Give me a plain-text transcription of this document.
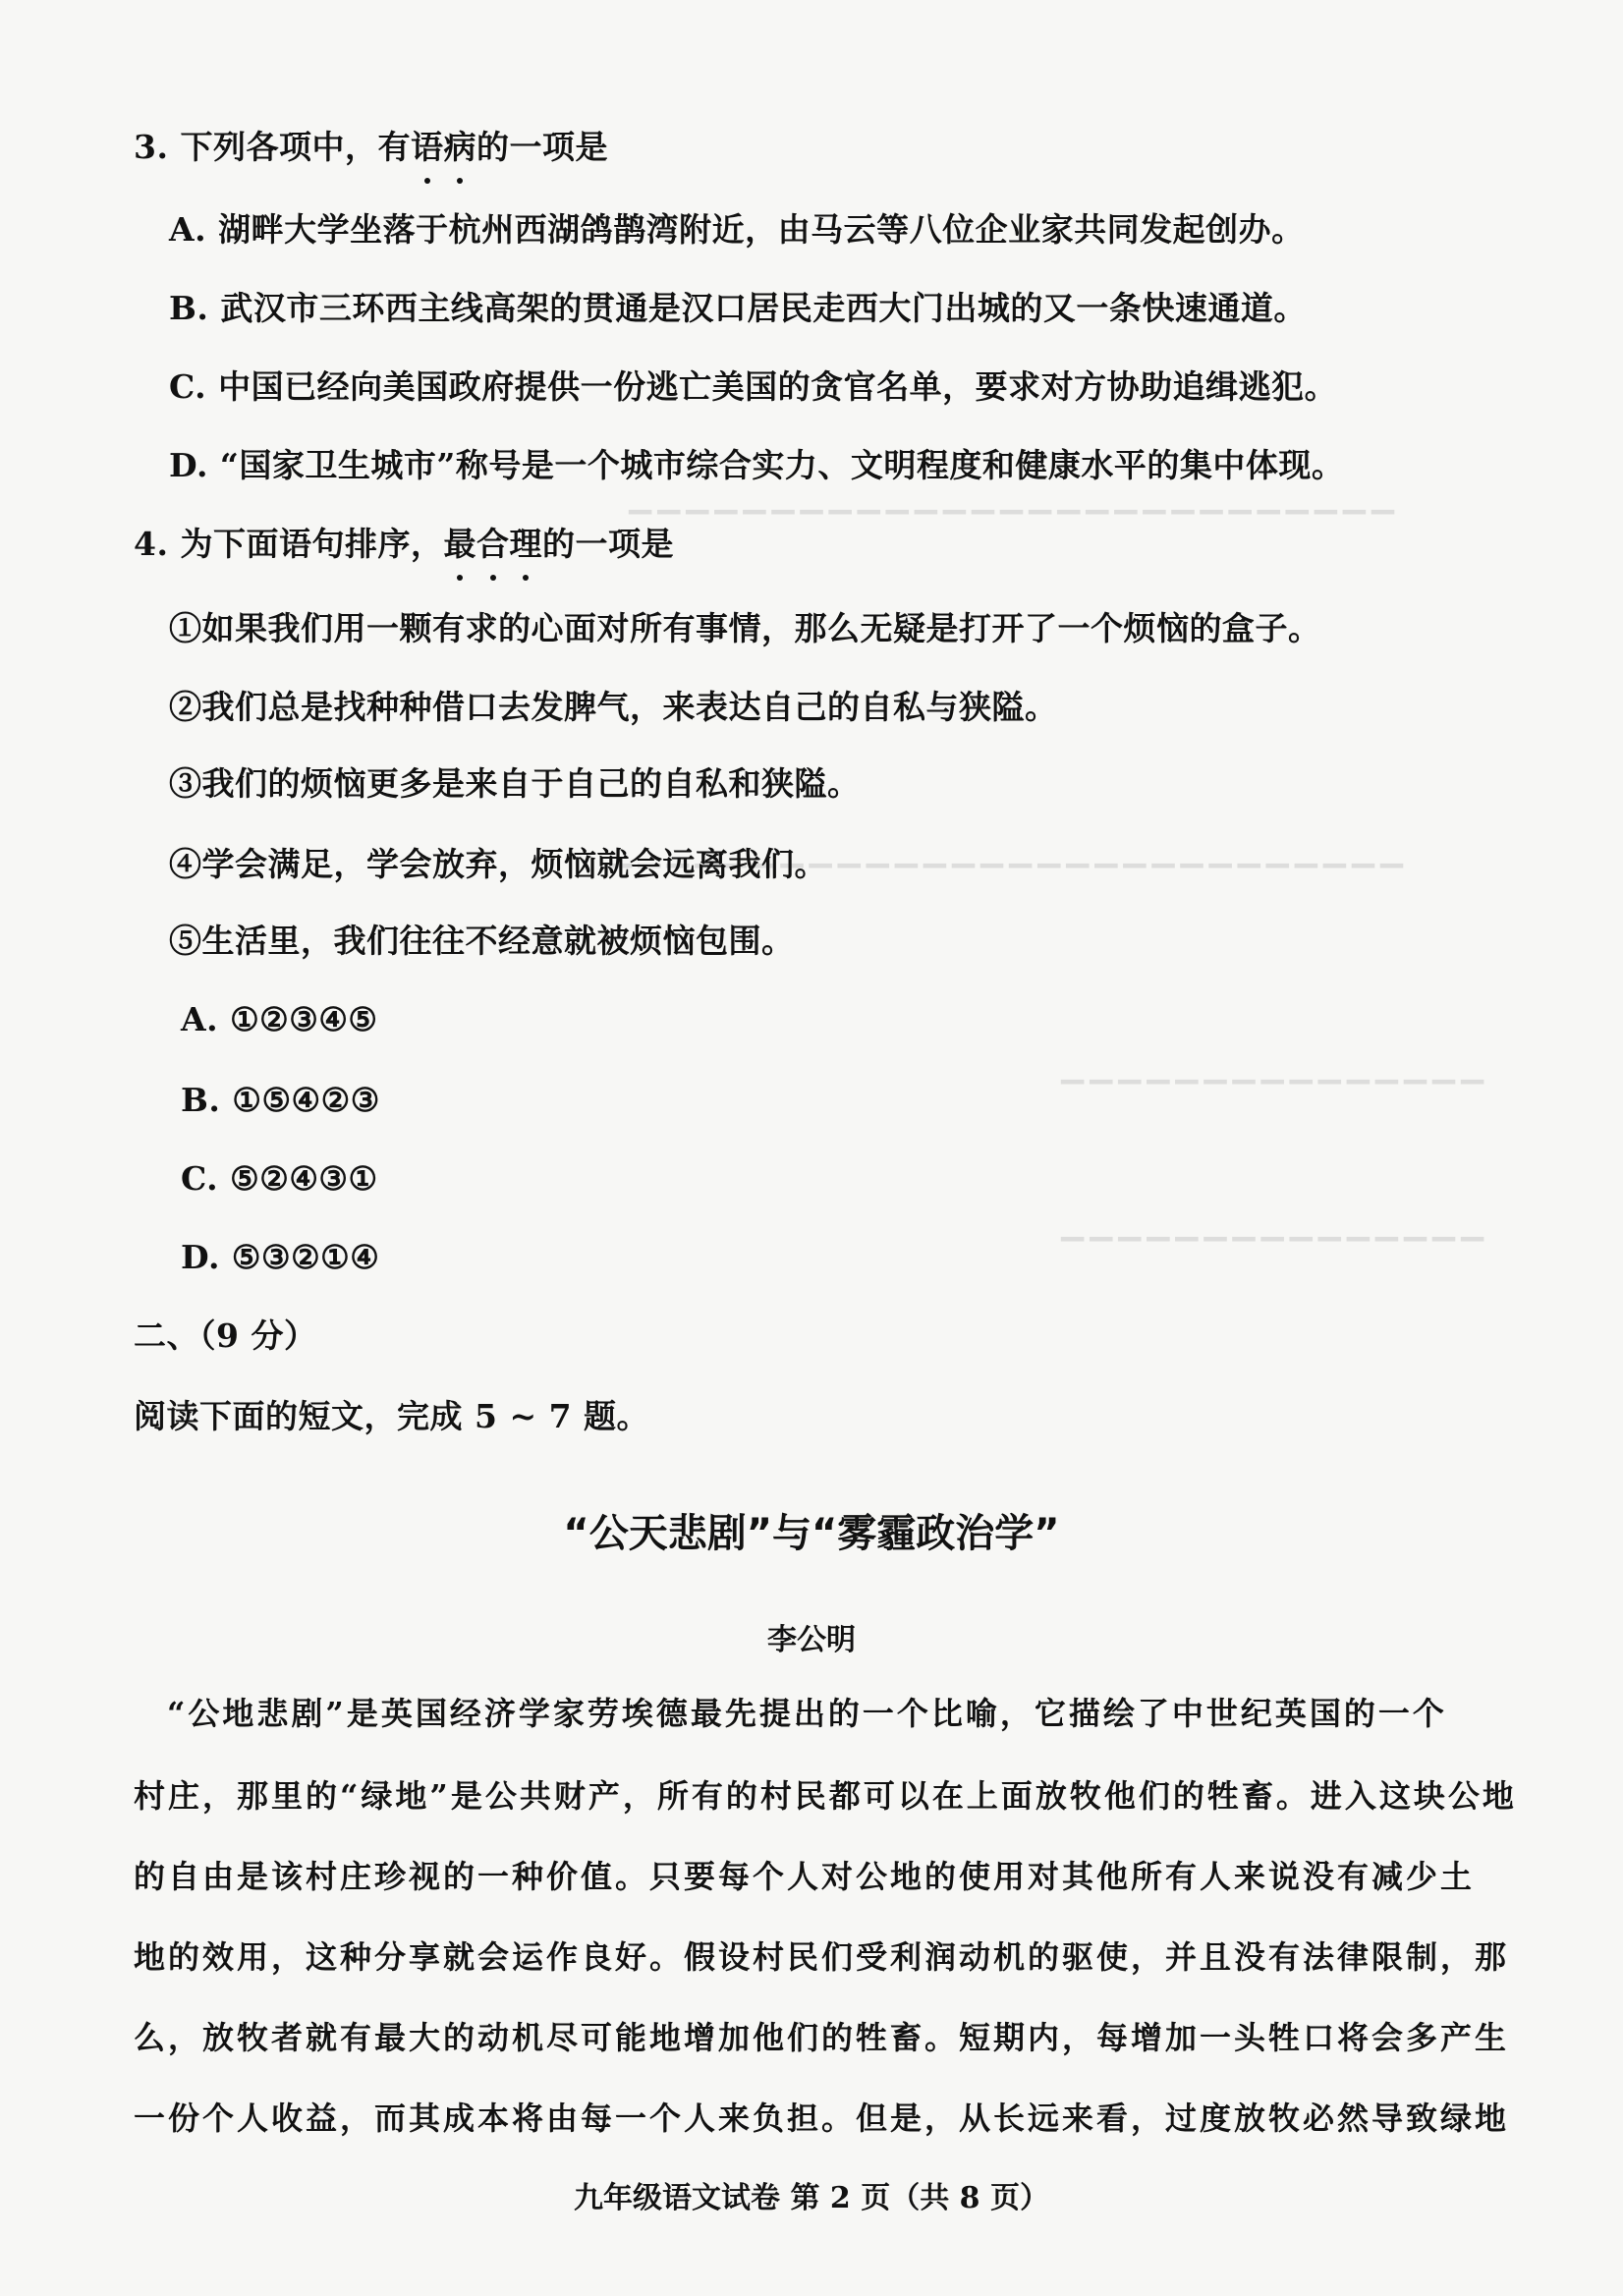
▔▔▔▔▔▔▔▔▔▔▔▔▔▔▔▔▔▔▔▔▔▔▔▔▔▔▔
▔▔▔▔▔▔▔▔▔▔▔▔▔▔▔▔▔▔▔▔▔▔▔▔▔▔▔▔
▔▔▔▔▔▔▔▔▔▔▔▔▔▔▔
▔▔▔▔▔▔▔▔▔▔▔▔▔▔▔
3. 下列各项中，有语病
的一项是
A. 湖畔大学坐落于杭州西湖鸽鹊湾附近，由马云等八位企业家共同发起创办。
B. 武汉市三环西主线高架的贯通是汉口居民走西大门出城的又一条快速通道。
C. 中国已经向美国政府提供一份逃亡美国的贪官名单，要求对方协助追缉逃犯。
D. “国家卫生城市”称号是一个城市综合实力、文明程度和健康水平的集中体现。
4. 为下面语句排序，最合理
的一项是
①如果我们用一颗有求的心面对所有事情，那么无疑是打开了一个烦恼的盒子。
②我们总是找种种借口去发脾气，来表达自己的自私与狭隘。
③我们的烦恼更多是来自于自己的自私和狭隘。
④学会满足，学会放弃，烦恼就会远离我们。
⑤生活里，我们往往不经意就被烦恼包围。
A. ①②③④⑤
B. ①⑤④②③
C. ⑤②④③①
D. ⑤③②①④
二、（9 分）
阅读下面的短文，完成 5 ~ 7 题。
“公天悲剧”与“雾霾政治学”
李公明
“公地悲剧”是英国经济学家劳埃德最先提出的一个比喻，它描绘了中世纪英国的一个
村庄，那里的“绿地”是公共财产，所有的村民都可以在上面放牧他们的牲畜。进入这块公地
的自由是该村庄珍视的一种价值。只要每个人对公地的使用对其他所有人来说没有减少土
地的效用，这种分享就会运作良好。假设村民们受利润动机的驱使，并且没有法律限制，那
么，放牧者就有最大的动机尽可能地增加他们的牲畜。短期内，每增加一头牲口将会多产生
一份个人收益，而其成本将由每一个人来负担。但是，从长远来看，过度放牧必然导致绿地
九年级语文试卷 第 2 页（共 8 页）
